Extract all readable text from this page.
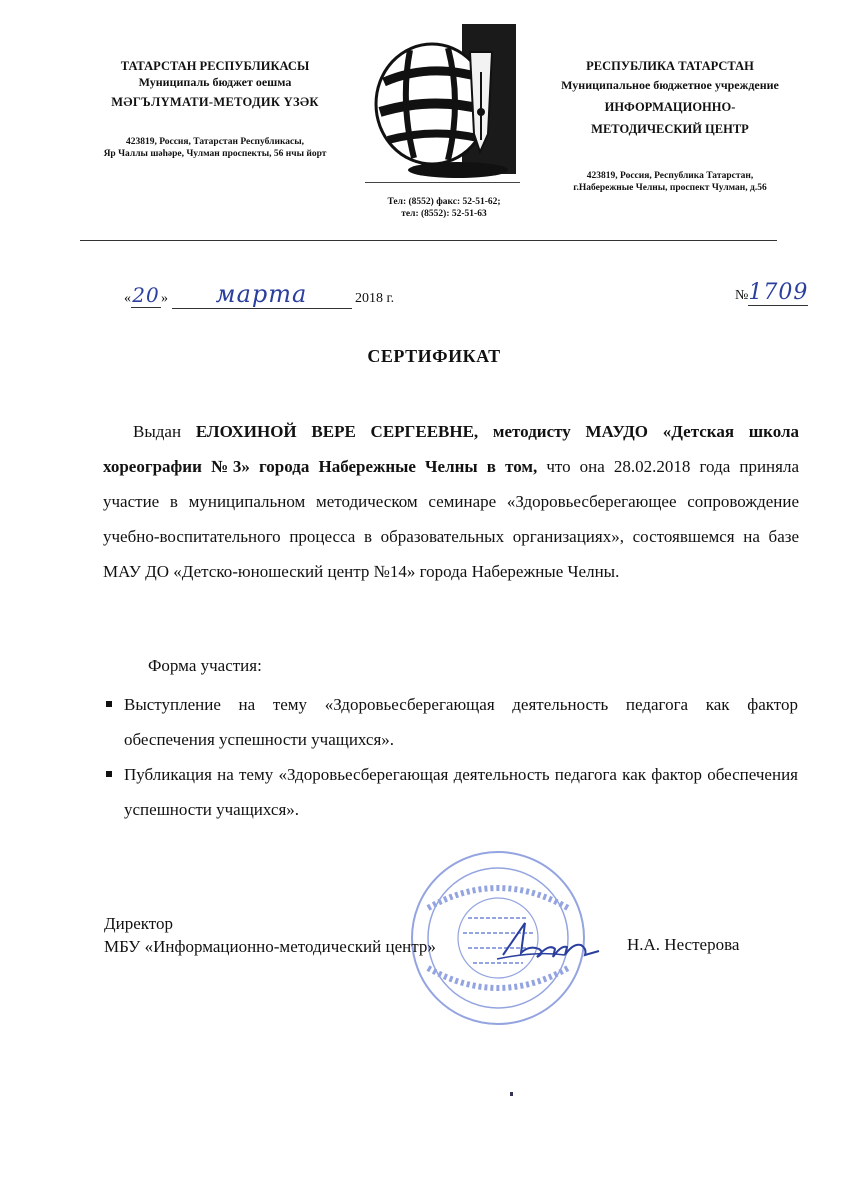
ТАТАРСТАН РЕСПУБЛИКАСЫ
Муниципаль бюджет оешма
МӘГЪЛҮМАТИ-МЕТОДИК ҮЗӘК
423819, Россия, Татарстан Республикасы,
Яр Чаллы шәһәре, Чулман проспекты, 56 нчы йорт
Тел: (8552) факс: 52-51-62;
тел: (8552): 52-51-63
РЕСПУБЛИКА ТАТАРСТАН
Муниципальное бюджетное учреждение
ИНФОРМАЦИОННО-
МЕТОДИЧЕСКИЙ ЦЕНТР
423819, Россия, Республика Татарстан,
г.Набережные Челны, проспект Чулман, д.56
«20» марта	2018 г.	№1709
СЕРТИФИКАТ
Выдан ЕЛОХИНОЙ ВЕРЕ СЕРГЕЕВНЕ, методисту МАУДО «Детская школа хореографии №3» города Набережные Челны в том, что она 28.02.2018 года приняла участие в муниципальном методическом семинаре «Здоровьесберегающее сопровождение учебно-воспитательного процесса в образовательных организациях», состоявшемся на базе МАУ ДО «Детско-юношеский центр №14» города Набережные Челны.
Форма участия:
Выступление на тему «Здоровьесберегающая деятельность педагога как фактор обеспечения успешности учащихся».
Публикация на тему «Здоровьесберегающая деятельность педагога как фактор обеспечения успешности учащихся».
Директор
МБУ «Информационно-методический центр»	Н.А. Нестерова
